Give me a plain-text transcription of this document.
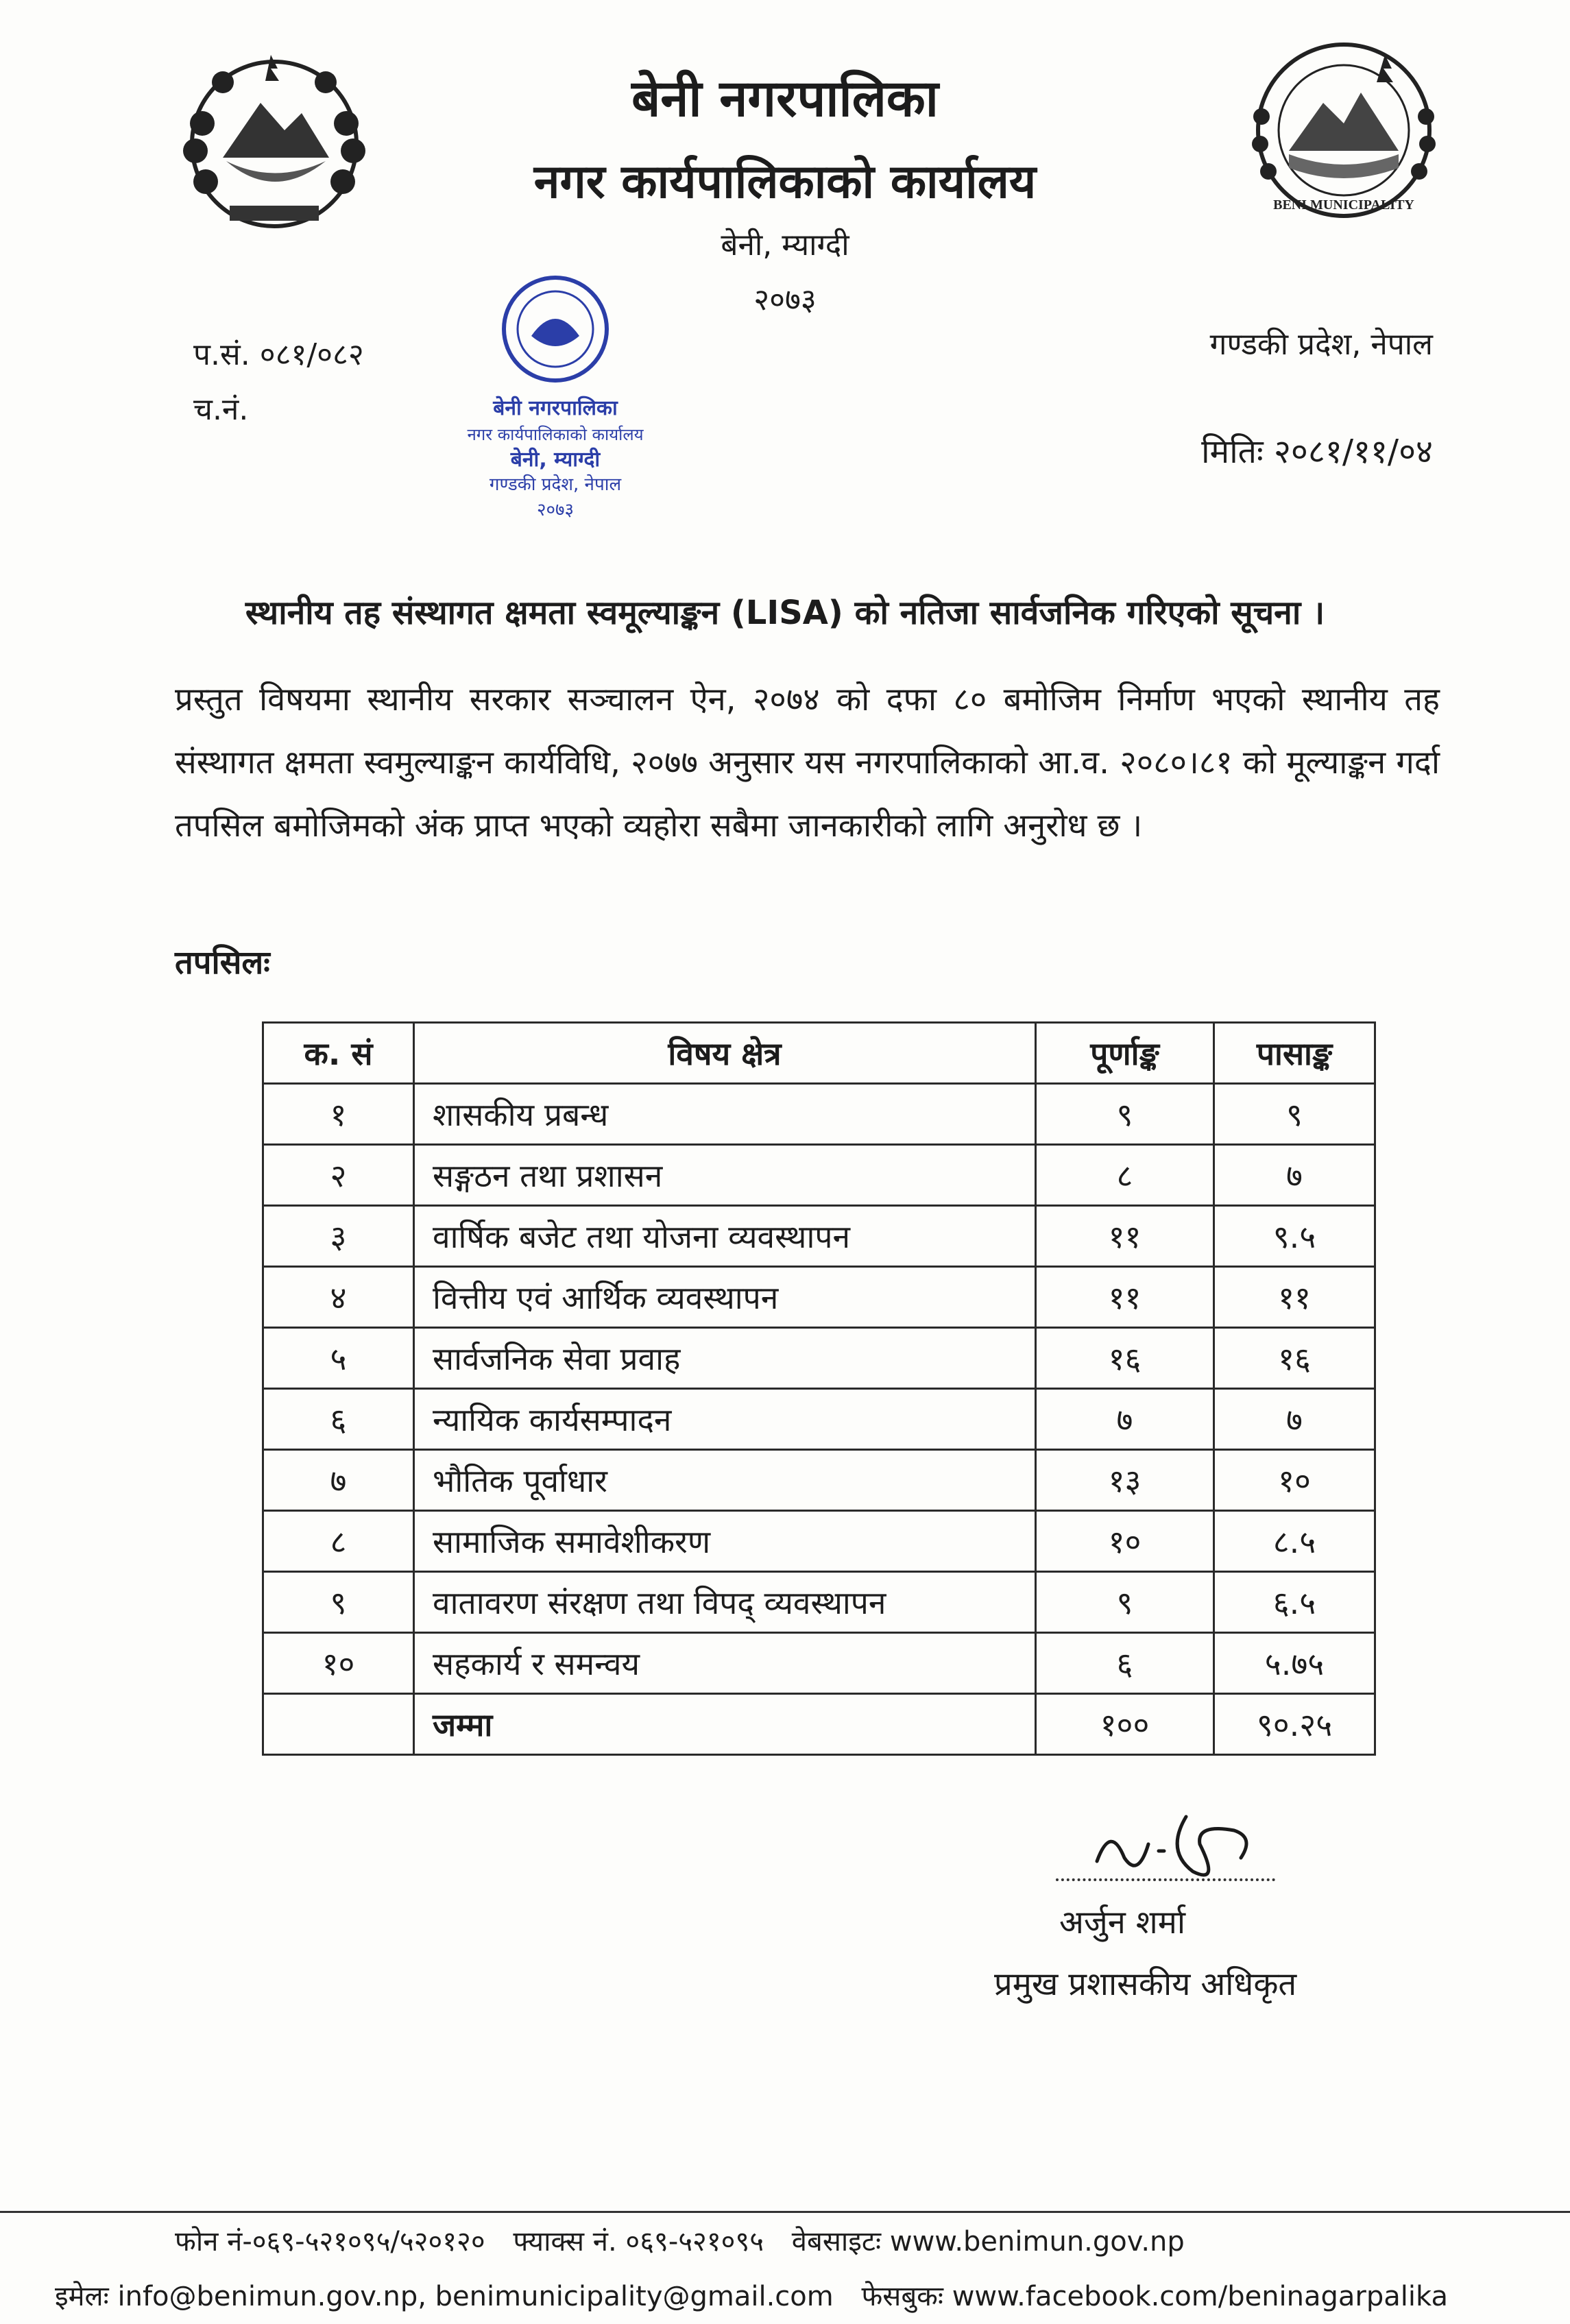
BENI MUNICIPALITY
बेनी नगरपालिका
नगर कार्यपालिकाको कार्यालय
बेनी, म्याग्दी
गण्डकी प्रदेश, नेपाल
२०७३
बेनी नगरपालिका
नगर कार्यपालिकाको कार्यालय
बेनी, म्याग्दी
२०७३
प.सं. ०८१/०८२
च.नं.
गण्डकी प्रदेश, नेपाल
मितिः २०८१/११/०४
स्थानीय तह संस्थागत क्षमता स्वमूल्याङ्कन (LISA) को नतिजा सार्वजनिक गरिएको सूचना ।
प्रस्तुत विषयमा स्थानीय सरकार सञ्चालन ऐन, २०७४ को दफा ८० बमोजिम निर्माण भएको स्थानीय तह संस्थागत क्षमता स्वमुल्याङ्कन कार्यविधि, २०७७ अनुसार यस नगरपालिकाको आ.व. २०८०।८१ को मूल्याङ्कन गर्दा तपसिल बमोजिमको अंक प्राप्त भएको व्यहोरा सबैमा जानकारीको लागि अनुरोध छ ।
तपसिलः
क. सं	विषय क्षेत्र	पूर्णाङ्क	पासाङ्क
१	शासकीय प्रबन्ध	९	९
२	सङ्गठन तथा प्रशासन	८	७
३	वार्षिक बजेट तथा योजना व्यवस्थापन	११	९.५
४	वित्तीय एवं आर्थिक व्यवस्थापन	११	११
५	सार्वजनिक सेवा प्रवाह	१६	१६
६	न्यायिक कार्यसम्पादन	७	७
७	भौतिक पूर्वाधार	१३	१०
८	सामाजिक समावेशीकरण	१०	८.५
९	वातावरण संरक्षण तथा विपद् व्यवस्थापन	९	६.५
१०	सहकार्य र समन्वय	६	५.७५
	जम्मा	१००	९०.२५
अर्जुन शर्मा
प्रमुख प्रशासकीय अधिकृत
फोन नं-०६९-५२१०९५/५२०१२० फ्याक्स नं. ०६९-५२१०९५ वेबसाइटः www.benimun.gov.np
इमेलः info@benimun.gov.np, benimunicipality@gmail.com फेसबुकः www.facebook.com/beninagarpalika
